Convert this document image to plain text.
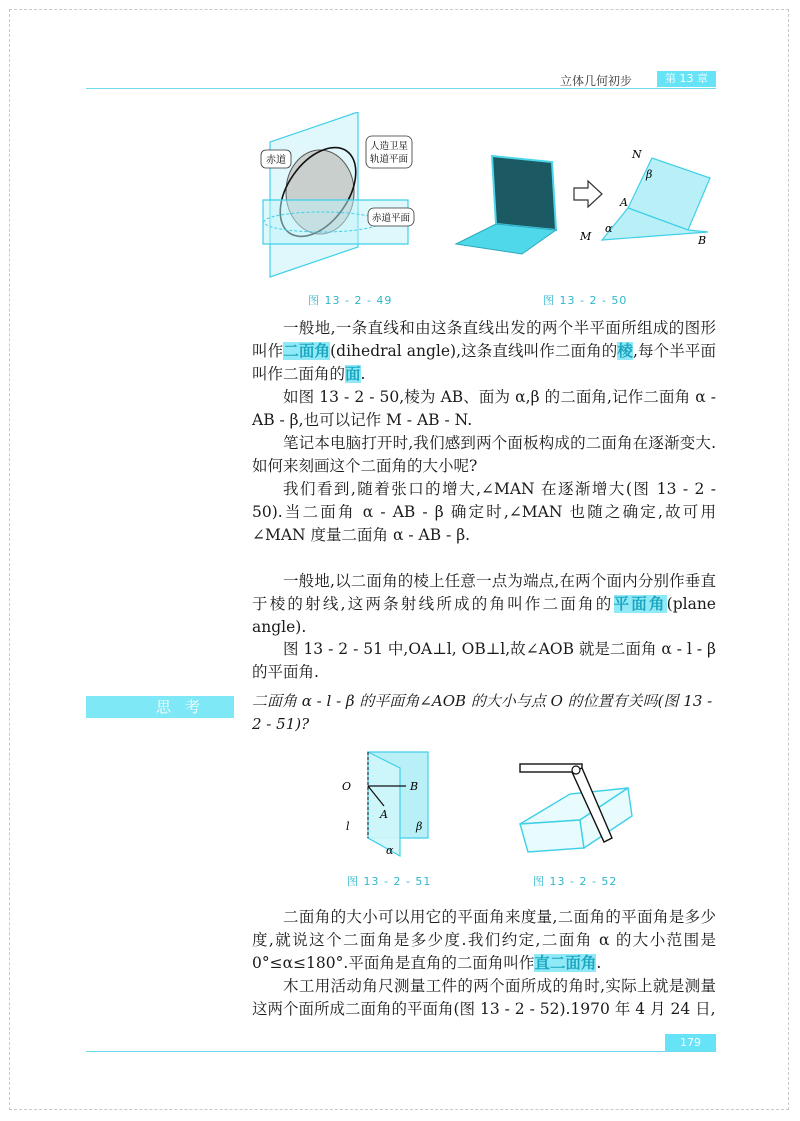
立体几何初步	第 13 章
赤道
人造卫星
轨道平面
赤道平面
图 13 - 2 - 49
N
β
A
M
α
B
图 13 - 2 - 50
一般地,一条直线和由这条直线出发的两个半平面所组成的图形叫作二面角(dihedral angle),这条直线叫作二面角的棱,每个半平面叫作二面角的面.
如图 13 - 2 - 50,棱为 AB、面为 α,β 的二面角,记作二面角 α - AB - β,也可以记作 M - AB - N.
笔记本电脑打开时,我们感到两个面板构成的二面角在逐渐变大.如何来刻画这个二面角的大小呢?
我们看到,随着张口的增大,∠MAN 在逐渐增大(图 13 - 2 - 50).当二面角 α - AB - β 确定时,∠MAN 也随之确定,故可用∠MAN 度量二面角 α - AB - β.
一般地,以二面角的棱上任意一点为端点,在两个面内分别作垂直于棱的射线,这两条射线所成的角叫作二面角的平面角(plane angle).
图 13 - 2 - 51 中,OA⊥l, OB⊥l,故∠AOB 就是二面角 α - l - β 的平面角.
思考	二面角 α - l - β 的平面角∠AOB 的大小与点 O 的位置有关吗(图 13 - 2 - 51)?
O	B
A
l	β
α
图 13 - 2 - 51	图 13 - 2 - 52
二面角的大小可以用它的平面角来度量,二面角的平面角是多少度,就说这个二面角是多少度.我们约定,二面角 α 的大小范围是0°≤α≤180°.平面角是直角的二面角叫作直二面角.
木工用活动角尺测量工件的两个面所成的角时,实际上就是测量这两个面所成二面角的平面角(图 13 - 2 - 52).1970 年 4 月 24 日,
179
